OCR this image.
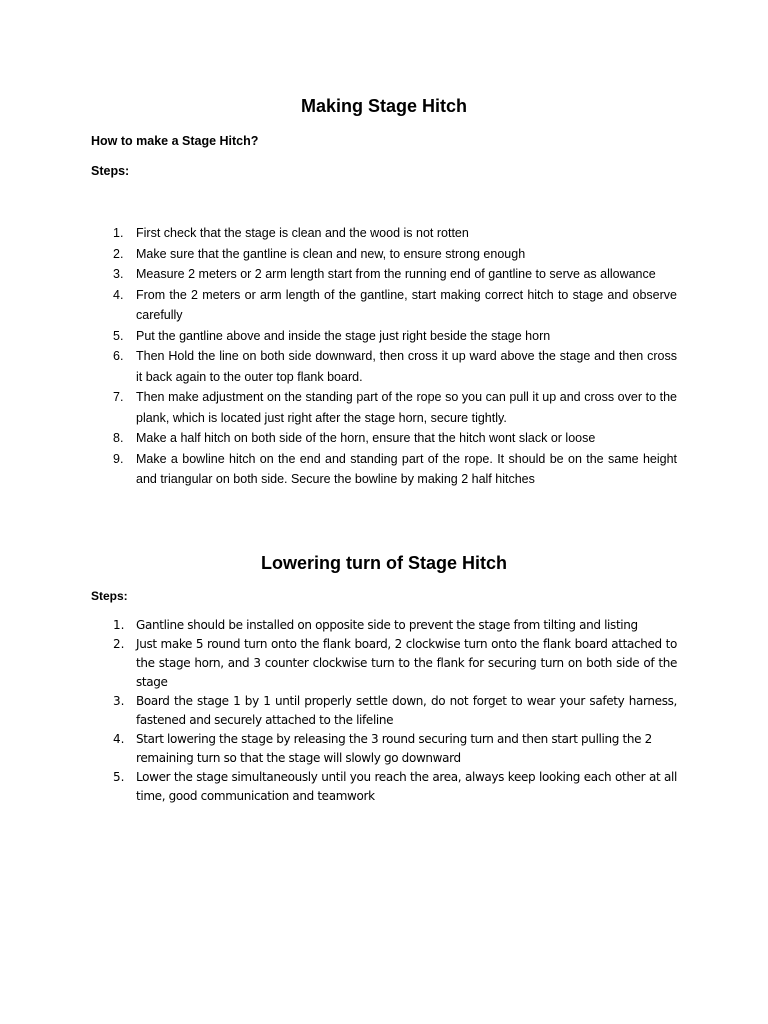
Making Stage Hitch
How to make a Stage Hitch?
Steps:
1. First check that the stage is clean and the wood is not rotten
2. Make sure that the gantline is clean and new, to ensure strong enough
3. Measure 2 meters or 2 arm length start from the running end of gantline to serve as allowance
4. From the 2 meters or arm length of the gantline, start making correct hitch to stage and observe carefully
5. Put the gantline above and inside the stage just right beside the stage horn
6. Then Hold the line on both side downward, then cross it up ward above the stage and then cross it back again to the outer top flank board.
7. Then make adjustment on the standing part of the rope so you can pull it up and cross over to the plank, which is located just right after the stage horn, secure tightly.
8. Make a half hitch on both side of the horn, ensure that the hitch wont slack or loose
9. Make a bowline hitch on the end and standing part of the rope. It should be on the same height and triangular on both side. Secure the bowline by making 2 half hitches
Lowering turn of Stage Hitch
Steps:
1. Gantline should be installed on opposite side to prevent the stage from tilting and listing
2. Just make 5 round turn onto the flank board, 2 clockwise turn onto the flank board attached to the stage horn, and 3 counter clockwise turn to the flank for securing turn on both side of the stage
3. Board the stage 1 by 1 until properly settle down, do not forget to wear your safety harness, fastened and securely attached to the lifeline
4. Start lowering the stage by releasing the 3 round securing turn and then start pulling the 2 remaining turn so that the stage will slowly go downward
5. Lower the stage simultaneously until you reach the area, always keep looking each other at all time, good communication and teamwork
